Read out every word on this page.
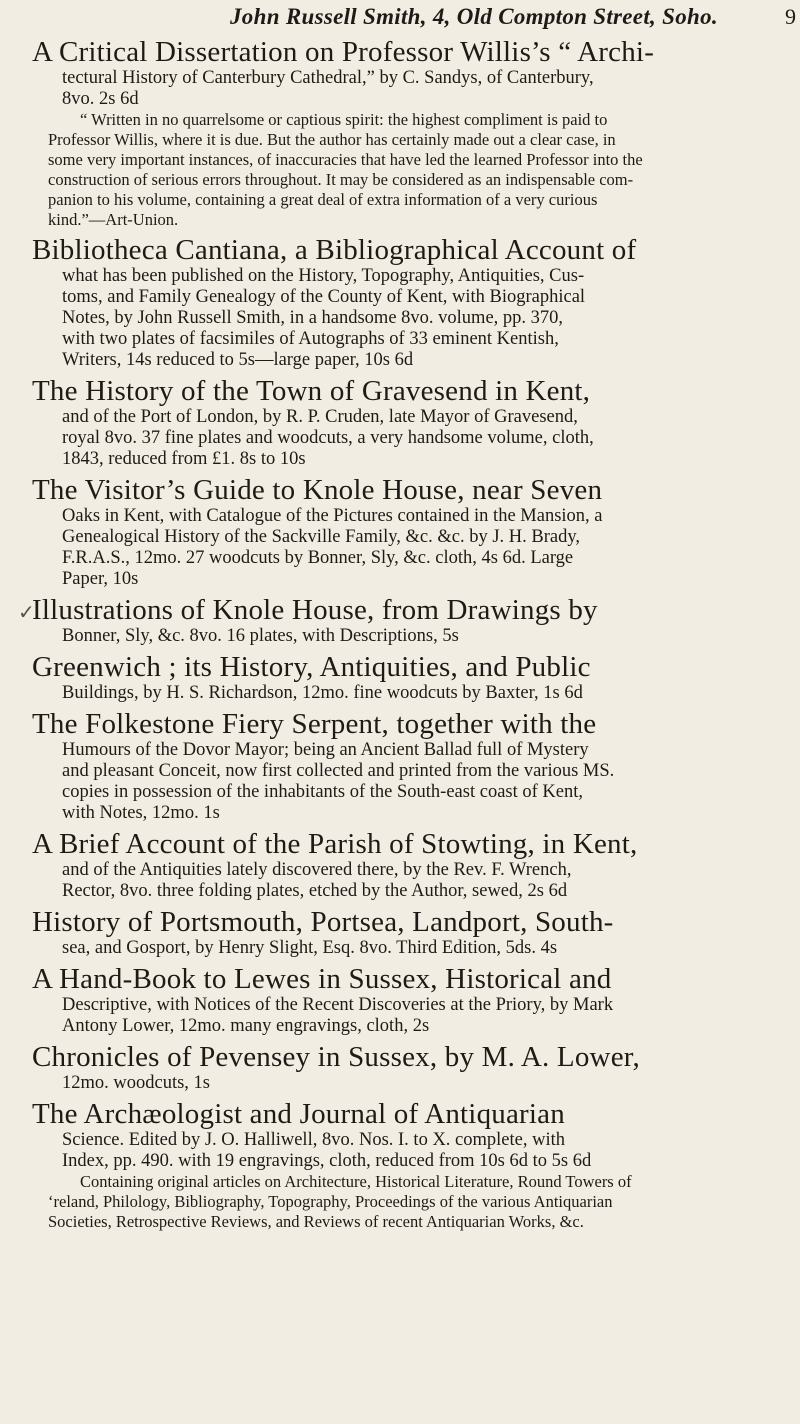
John Russell Smith, 4, Old Compton Street, Soho.	9

A Critical Dissertation on Professor Willis’s “ Archi-

tectural History of Canterbury Cathedral,” by C. Sandys, of Canterbury,

8vo. 2s 6d

“ Written in no quarrelsome or captious spirit: the highest compliment is paid to

Professor Willis, where it is due. But the author has certainly made out a clear case, in

some very important instances, of inaccuracies that have led the learned Professor into the

construction of serious errors throughout. It may be considered as an indispensable com-

panion to his volume, containing a great deal of extra information of a very curious

kind.”—Art-Union.

Bibliotheca Cantiana, a Bibliographical Account of

what has been published on the History, Topography, Antiquities, Cus-

toms, and Family Genealogy of the County of Kent, with Biographical

Notes, by John Russell Smith, in a handsome 8vo. volume, pp. 370,

with two plates of facsimiles of Autographs of 33 eminent Kentish,

Writers, 14s reduced to 5s—large paper, 10s 6d

The History of the Town of Gravesend in Kent,

and of the Port of London, by R. P. Cruden, late Mayor of Gravesend,

royal 8vo. 37 fine plates and woodcuts, a very handsome volume, cloth,

1843, reduced from £1. 8s to 10s

The Visitor’s Guide to Knole House, near Seven

Oaks in Kent, with Catalogue of the Pictures contained in the Mansion, a

Genealogical History of the Sackville Family, &c. &c. by J. H. Brady,

F.R.A.S., 12mo. 27 woodcuts by Bonner, Sly, &c. cloth, 4s 6d. Large

Paper, 10s

✓

Illustrations of Knole House, from Drawings by

Bonner, Sly, &c. 8vo. 16 plates, with Descriptions, 5s

Greenwich ; its History, Antiquities, and Public

Buildings, by H. S. Richardson, 12mo. fine woodcuts by Baxter, 1s 6d

The Folkestone Fiery Serpent, together with the

Humours of the Dovor Mayor; being an Ancient Ballad full of Mystery

and pleasant Conceit, now first collected and printed from the various MS.

copies in possession of the inhabitants of the South-east coast of Kent,

with Notes, 12mo. 1s

A Brief Account of the Parish of Stowting, in Kent,

and of the Antiquities lately discovered there, by the Rev. F. Wrench,

Rector, 8vo. three folding plates, etched by the Author, sewed, 2s 6d

History of Portsmouth, Portsea, Landport, South-

sea, and Gosport, by Henry Slight, Esq. 8vo. Third Edition, 5ds. 4s

A Hand-Book to Lewes in Sussex, Historical and

Descriptive, with Notices of the Recent Discoveries at the Priory, by Mark

Antony Lower, 12mo. many engravings, cloth, 2s

Chronicles of Pevensey in Sussex, by M. A. Lower,

12mo. woodcuts, 1s

The Archæologist and Journal of Antiquarian

Science. Edited by J. O. Halliwell, 8vo. Nos. I. to X. complete, with

Index, pp. 490. with 19 engravings, cloth, reduced from 10s 6d to 5s 6d

Containing original articles on Architecture, Historical Literature, Round Towers of

‘reland, Philology, Bibliography, Topography, Proceedings of the various Antiquarian

Societies, Retrospective Reviews, and Reviews of recent Antiquarian Works, &c.
